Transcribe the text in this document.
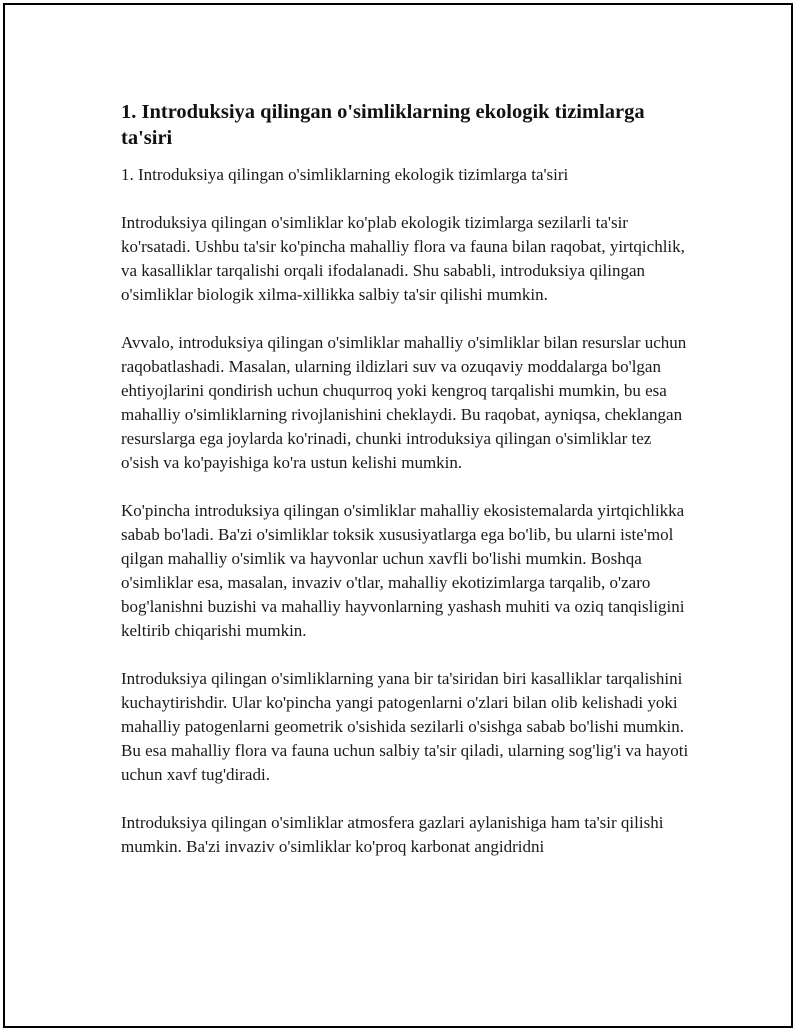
1. Introduksiya qilingan o'simliklarning ekologik tizimlarga ta'siri

1. Introduksiya qilingan o'simliklarning ekologik tizimlarga ta'siri

Introduksiya qilingan o'simliklar ko'plab ekologik tizimlarga sezilarli ta'sir ko'rsatadi. Ushbu ta'sir ko'pincha mahalliy flora va fauna bilan raqobat, yirtqichlik, va kasalliklar tarqalishi orqali ifodalanadi. Shu sababli, introduksiya qilingan o'simliklar biologik xilma-xillikka salbiy ta'sir qilishi mumkin.

Avvalo, introduksiya qilingan o'simliklar mahalliy o'simliklar bilan resurslar uchun raqobatlashadi. Masalan, ularning ildizlari suv va ozuqaviy moddalarga bo'lgan ehtiyojlarini qondirish uchun chuqurroq yoki kengroq tarqalishi mumkin, bu esa mahalliy o'simliklarning rivojlanishini cheklaydi. Bu raqobat, ayniqsa, cheklangan resurslarga ega joylarda ko'rinadi, chunki introduksiya qilingan o'simliklar tez o'sish va ko'payishiga ko'ra ustun kelishi mumkin.

Ko'pincha introduksiya qilingan o'simliklar mahalliy ekosistemalarda yirtqichlikka sabab bo'ladi. Ba'zi o'simliklar toksik xususiyatlarga ega bo'lib, bu ularni iste'mol qilgan mahalliy o'simlik va hayvonlar uchun xavfli bo'lishi mumkin. Boshqa o'simliklar esa, masalan, invaziv o'tlar, mahalliy ekotizimlarga tarqalib, o'zaro bog'lanishni buzishi va mahalliy hayvonlarning yashash muhiti va oziq tanqisligini keltirib chiqarishi mumkin.

Introduksiya qilingan o'simliklarning yana bir ta'siridan biri kasalliklar tarqalishini kuchaytirishdir. Ular ko'pincha yangi patogenlarni o'zlari bilan olib kelishadi yoki mahalliy patogenlarni geometrik o'sishida sezilarli o'sishga sabab bo'lishi mumkin. Bu esa mahalliy flora va fauna uchun salbiy ta'sir qiladi, ularning sog'lig'i va hayoti uchun xavf tug'diradi.

Introduksiya qilingan o'simliklar atmosfera gazlari aylanishiga ham ta'sir qilishi mumkin. Ba'zi invaziv o'simliklar ko'proq karbonat angidridni
